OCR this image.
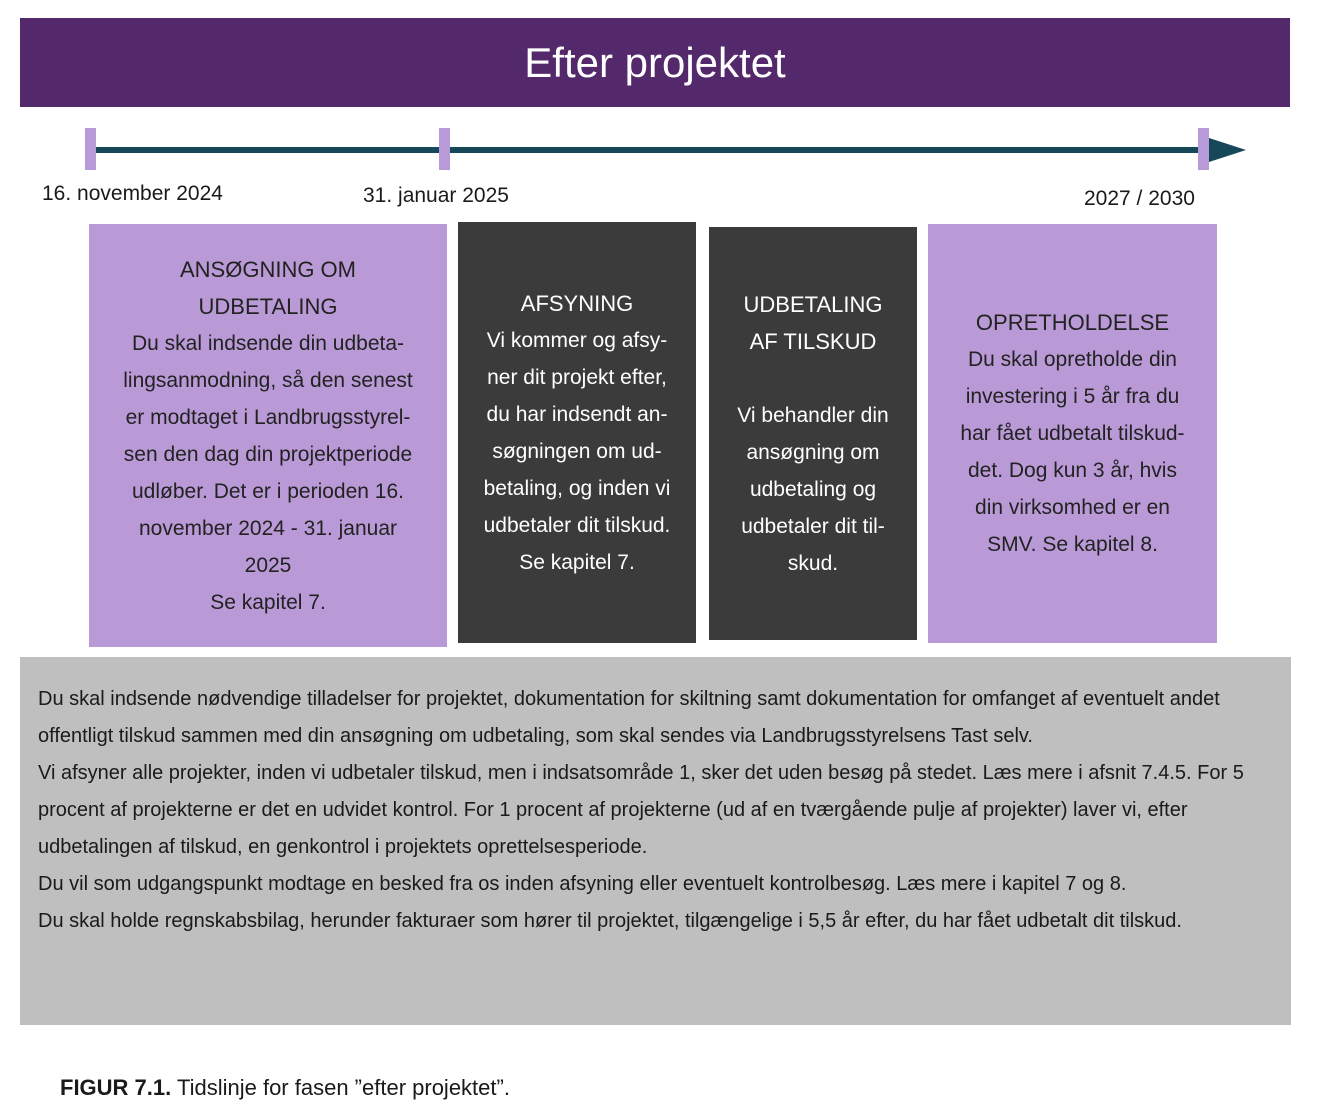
Efter projektet
16. november 2024	31. januar 2025	2027 / 2030
ANSØGNING OM
UDBETALING
Du skal indsende din udbeta-
lingsanmodning, så den senest
er modtaget i Landbrugsstyrel-
sen den dag din projektperiode
udløber. Det er i perioden 16.
november 2024 - 31. januar
2025
Se kapitel 7.
AFSYNING
Vi kommer og afsy-
ner dit projekt efter,
du har indsendt an-
søgningen om ud-
betaling, og inden vi
udbetaler dit tilskud.
Se kapitel 7.
UDBETALING
AF TILSKUD
Vi behandler din
ansøgning om
udbetaling og
udbetaler dit til-
skud.
OPRETHOLDELSE
Du skal opretholde din
investering i 5 år fra du
har fået udbetalt tilskud-
det. Dog kun 3 år, hvis
din virksomhed er en
SMV. Se kapitel 8.

Du skal indsende nødvendige tilladelser for projektet, dokumentation for skiltning samt dokumentation for omfanget af eventuelt andet offentligt tilskud sammen med din ansøgning om udbetaling, som skal sendes via Landbrugsstyrelsens Tast selv.

Vi afsyner alle projekter, inden vi udbetaler tilskud, men i indsatsområde 1, sker det uden besøg på stedet. Læs mere i afsnit 7.4.5. For 5 procent af projekterne er det en udvidet kontrol. For 1 procent af projekterne (ud af en tværgående pulje af projekter) laver vi, efter udbetalingen af tilskud, en genkontrol i projektets oprettelsesperiode.

Du vil som udgangspunkt modtage en besked fra os inden afsyning eller eventuelt kontrolbesøg. Læs mere i kapitel 7 og 8.

Du skal holde regnskabsbilag, herunder fakturaer som hører til projektet, tilgængelige i 5,5 år efter, du har fået udbetalt dit tilskud.

FIGUR 7.1. Tidslinje for fasen ”efter projektet”.
